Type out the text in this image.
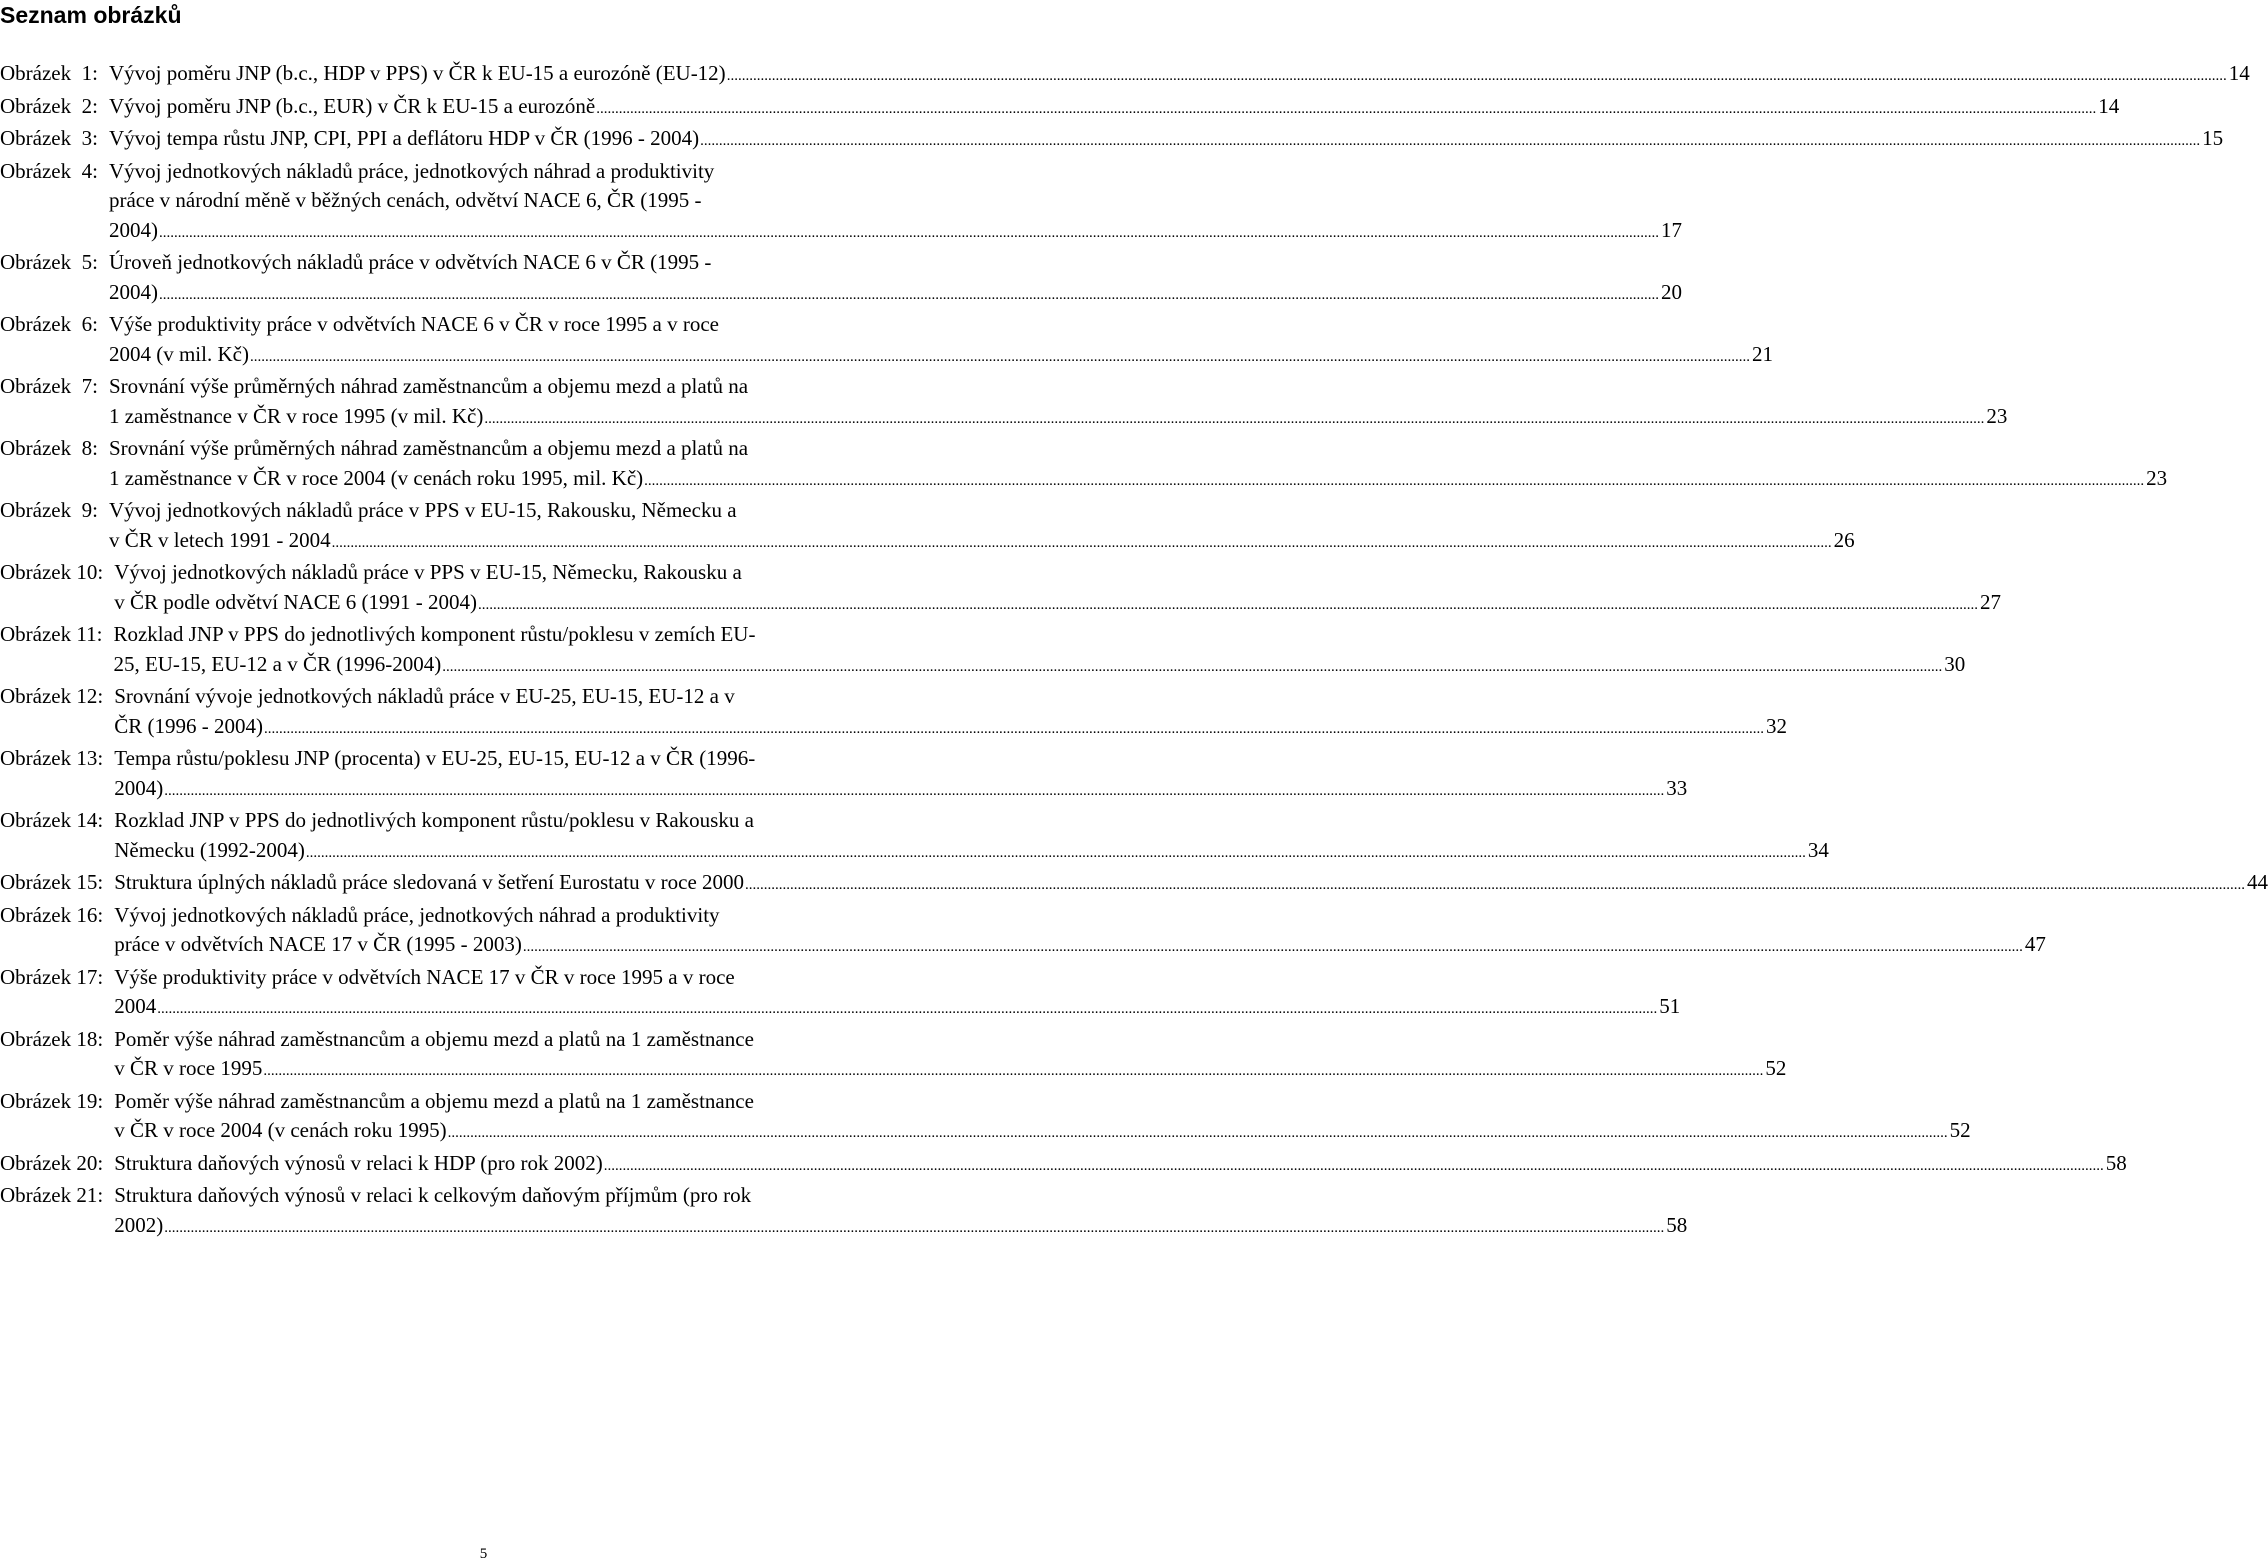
Seznam obrázků
Obrázek  1: Vývoj poměru JNP (b.c., HDP v PPS) v ČR k EU-15 a eurozóně (EU-12) ................................................................................................................................................................................................................................................................................................................................................................................................................ 14
Obrázek  2: Vývoj poměru JNP (b.c., EUR) v ČR k EU-15 a eurozóně ................................................................................................................................................................................................................................................................................................................................................................................................................ 14
Obrázek  3: Vývoj tempa růstu JNP, CPI, PPI a deflátoru HDP v ČR (1996 - 2004) ................................................................................................................................................................................................................................................................................................................................................................................................................ 15
Obrázek  4: Vývoj jednotkových nákladů práce, jednotkových náhrad a produktivity
práce v národní měně v běžných cenách, odvětví NACE 6, ČR (1995 -
2004) ................................................................................................................................................................................................................................................................................................................................................................................................................ 17
Obrázek  5: Úroveň jednotkových nákladů práce v odvětvích NACE 6 v ČR (1995 -
2004) ................................................................................................................................................................................................................................................................................................................................................................................................................ 20
Obrázek  6: Výše produktivity práce v odvětvích NACE 6 v ČR v roce 1995 a v roce
2004 (v mil. Kč) ................................................................................................................................................................................................................................................................................................................................................................................................................ 21
Obrázek  7: Srovnání výše průměrných náhrad zaměstnancům a objemu mezd a platů na
1 zaměstnance v ČR v roce 1995 (v mil. Kč) ................................................................................................................................................................................................................................................................................................................................................................................................................ 23
Obrázek  8: Srovnání výše průměrných náhrad zaměstnancům a objemu mezd a platů na
1 zaměstnance v ČR v roce 2004 (v cenách roku 1995, mil. Kč) ................................................................................................................................................................................................................................................................................................................................................................................................................ 23
Obrázek  9: Vývoj jednotkových nákladů práce v PPS v EU-15, Rakousku, Německu a
v ČR v letech 1991 - 2004 ................................................................................................................................................................................................................................................................................................................................................................................................................ 26
Obrázek 10: Vývoj jednotkových nákladů práce v PPS v EU-15, Německu, Rakousku a
v ČR podle odvětví NACE 6 (1991 - 2004) ................................................................................................................................................................................................................................................................................................................................................................................................................ 27
Obrázek 11: Rozklad JNP v PPS do jednotlivých komponent růstu/poklesu v zemích EU-
25, EU-15, EU-12 a v ČR (1996-2004) ................................................................................................................................................................................................................................................................................................................................................................................................................ 30
Obrázek 12: Srovnání vývoje jednotkových nákladů práce v EU-25, EU-15, EU-12 a v
ČR (1996 - 2004) ................................................................................................................................................................................................................................................................................................................................................................................................................ 32
Obrázek 13: Tempa růstu/poklesu JNP (procenta) v EU-25, EU-15, EU-12 a v ČR (1996-
2004) ................................................................................................................................................................................................................................................................................................................................................................................................................ 33
Obrázek 14: Rozklad JNP v PPS do jednotlivých komponent růstu/poklesu v Rakousku a
Německu (1992-2004) ................................................................................................................................................................................................................................................................................................................................................................................................................ 34
Obrázek 15: Struktura úplných nákladů práce sledovaná v šetření Eurostatu v roce 2000 ................................................................................................................................................................................................................................................................................................................................................................................................................ 44
Obrázek 16: Vývoj jednotkových nákladů práce, jednotkových náhrad a produktivity
práce v odvětvích NACE 17 v ČR (1995 - 2003) ................................................................................................................................................................................................................................................................................................................................................................................................................ 47
Obrázek 17: Výše produktivity práce v odvětvích NACE 17 v ČR v roce 1995 a v roce
2004 ................................................................................................................................................................................................................................................................................................................................................................................................................ 51
Obrázek 18: Poměr výše náhrad zaměstnancům a objemu mezd a platů na 1 zaměstnance
v ČR v roce 1995 ................................................................................................................................................................................................................................................................................................................................................................................................................ 52
Obrázek 19: Poměr výše náhrad zaměstnancům a objemu mezd a platů na 1 zaměstnance
v ČR v roce 2004 (v cenách roku 1995) ................................................................................................................................................................................................................................................................................................................................................................................................................ 52
Obrázek 20: Struktura daňových výnosů v relaci k HDP (pro rok 2002) ................................................................................................................................................................................................................................................................................................................................................................................................................ 58
Obrázek 21: Struktura daňových výnosů v relaci k celkovým daňovým příjmům (pro rok
2002) ................................................................................................................................................................................................................................................................................................................................................................................................................ 58
5
